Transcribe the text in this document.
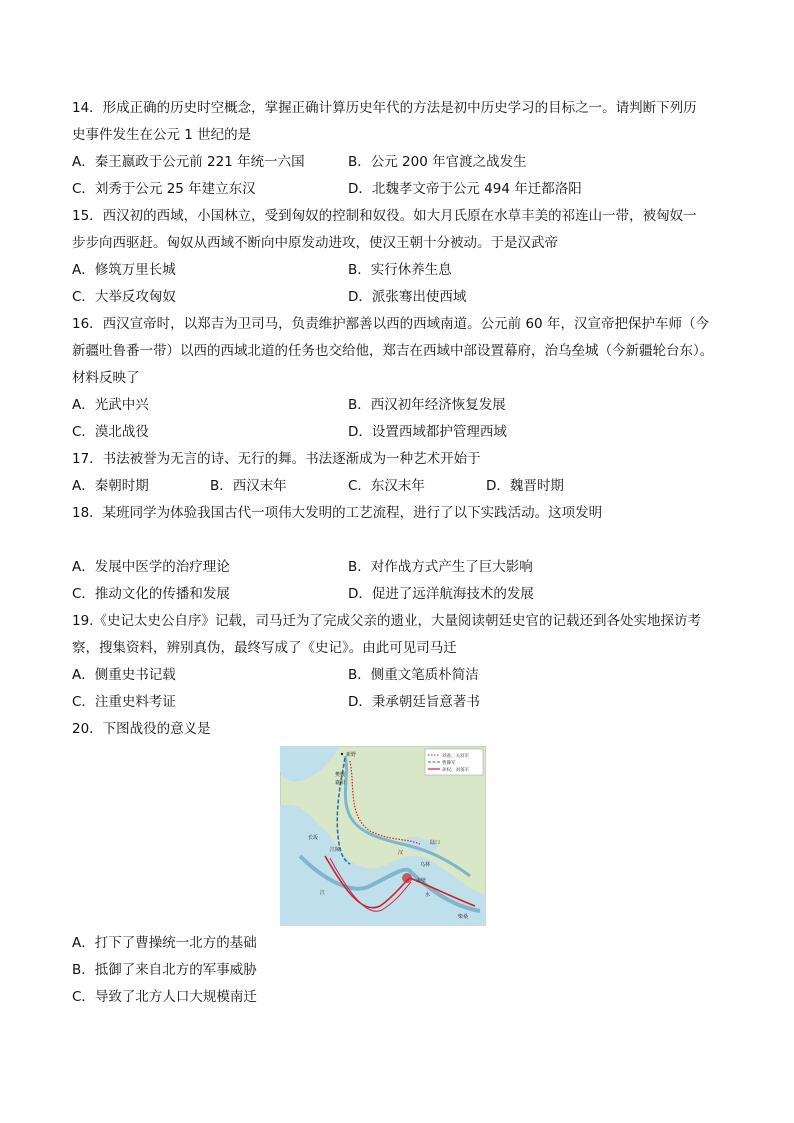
14．形成正确的历史时空概念，掌握正确计算历史年代的方法是初中历史学习的目标之一。请判断下列历
史事件发生在公元 1 世纪的是
A．秦王嬴政于公元前 221 年统一六国	B．公元 200 年官渡之战发生
C．刘秀于公元 25 年建立东汉	D．北魏孝文帝于公元 494 年迁都洛阳
15．西汉初的西域，小国林立，受到匈奴的控制和奴役。如大月氏原在水草丰美的祁连山一带，被匈奴一
步步向西驱赶。匈奴从西域不断向中原发动进攻，使汉王朝十分被动。于是汉武帝
A．修筑万里长城	B．实行休养生息
C．大举反攻匈奴	D．派张骞出使西域
16．西汉宣帝时，以郑吉为卫司马，负责维护鄯善以西的西域南道。公元前 60 年，汉宣帝把保护车师（今
新疆吐鲁番一带）以西的西域北道的任务也交给他，郑吉在西域中部设置幕府，治乌垒城（今新疆轮台东）。
材料反映了
A．光武中兴	B．西汉初年经济恢复发展
C．漠北战役	D．设置西域都护管理西域
17．书法被誉为无言的诗、无行的舞。书法逐渐成为一种艺术开始于
A．秦朝时期	B．西汉末年	C．东汉末年	D．魏晋时期
18．某班同学为体验我国古代一项伟大发明的工艺流程，进行了以下实践活动。这项发明
A．发展中医学的治疗理论	B．对作战方式产生了巨大影响
C．推动文化的传播和发展	D．促进了远洋航海技术的发展
19.《史记太史公自序》记载，司马迁为了完成父亲的遗业，大量阅读朝廷史官的记载还到各处实地探访考
察，搜集资料，辨别真伪，最终写成了《史记》。由此可见司马迁
A．侧重史书记载	B．侧重文笔质朴简洁
C．注重史料考证	D．秉承朝廷旨意著书
20．下图战役的意义是
刘备、关羽军
曹操军
孙权、刘备军
新野
樊城
襄阳
长坂
江陵
赤壁
乌林
陆口
柴桑
汉
江	水
A．打下了曹操统一北方的基础
B．抵御了来自北方的军事威胁
C．导致了北方人口大规模南迁
